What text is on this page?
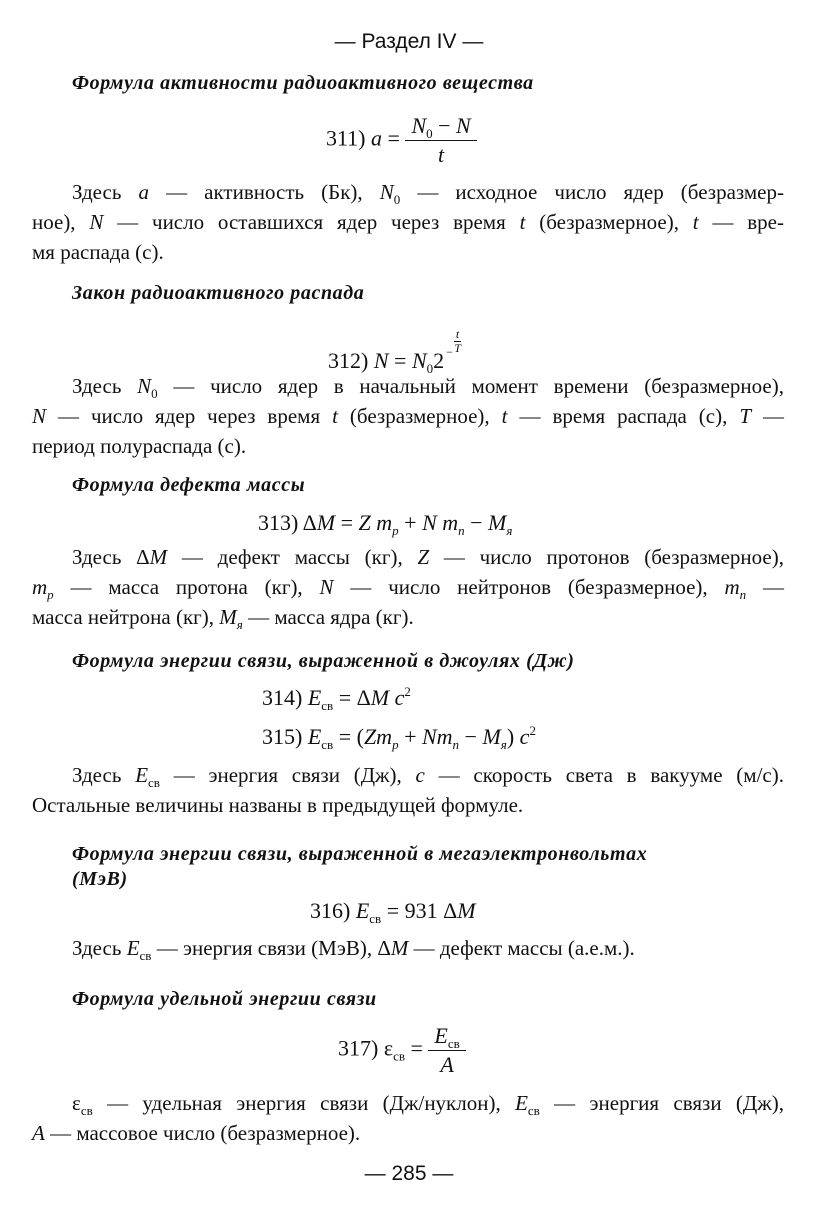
— Раздел IV —
Формула активности радиоактивного вещества
311) $a = \frac{N_0 - N}{t}$
Здесь a — активность (Бк), $N_0$ — исходное число ядер (безразмер-
ное), N — число оставшихся ядер через время t (безразмерное), t — вре-
мя распада (с).
Закон радиоактивного распада
312) $N = N_02$ $^- \frac{t}{T}$
Здесь $N_0$ — число ядер в начальный момент времени (безразмерное),
N — число ядер через время t (безразмерное), t — время распада (с), T —
период полураспада (с).
Формула дефекта массы
313) ΔM = Z $m_p + N$ $m_n - M_я$
Здесь ΔM — дефект массы (кг), Z — число протонов (безразмерное),
$m_p$ — масса протона (кг), N — число нейтронов (безразмерное), $m_n$ —
масса нейтрона (кг), $M_я$ — масса ядра (кг).
Формула энергии связи, выраженной в джоулях (Дж)
314) $E_{св} = \Delta M$ $c^2$
315) $E_{св} = (Zm_p + Nm_n - M_я)$ $c^2$
Здесь $E_{св}$ — энергия связи (Дж), c — скорость света в вакууме (м/с).
Остальные величины названы в предыдущей формуле.
Формула энергии связи, выраженной в мегаэлектронвольтах
(МэВ)
316) $E_{св} = 931$ ΔM
Здесь $E_{св}$ — энергия связи (МэВ), ΔM — дефект массы (а.е.м.).
Формула удельной энергии связи
317) $\varepsilon_{св} = \frac{E_{св}}{A}$
$\varepsilon_{св}$ — удельная энергия связи (Дж/нуклон), $E_{св}$ — энергия связи (Дж),
A — массовое число (безразмерное).
— 285 —
